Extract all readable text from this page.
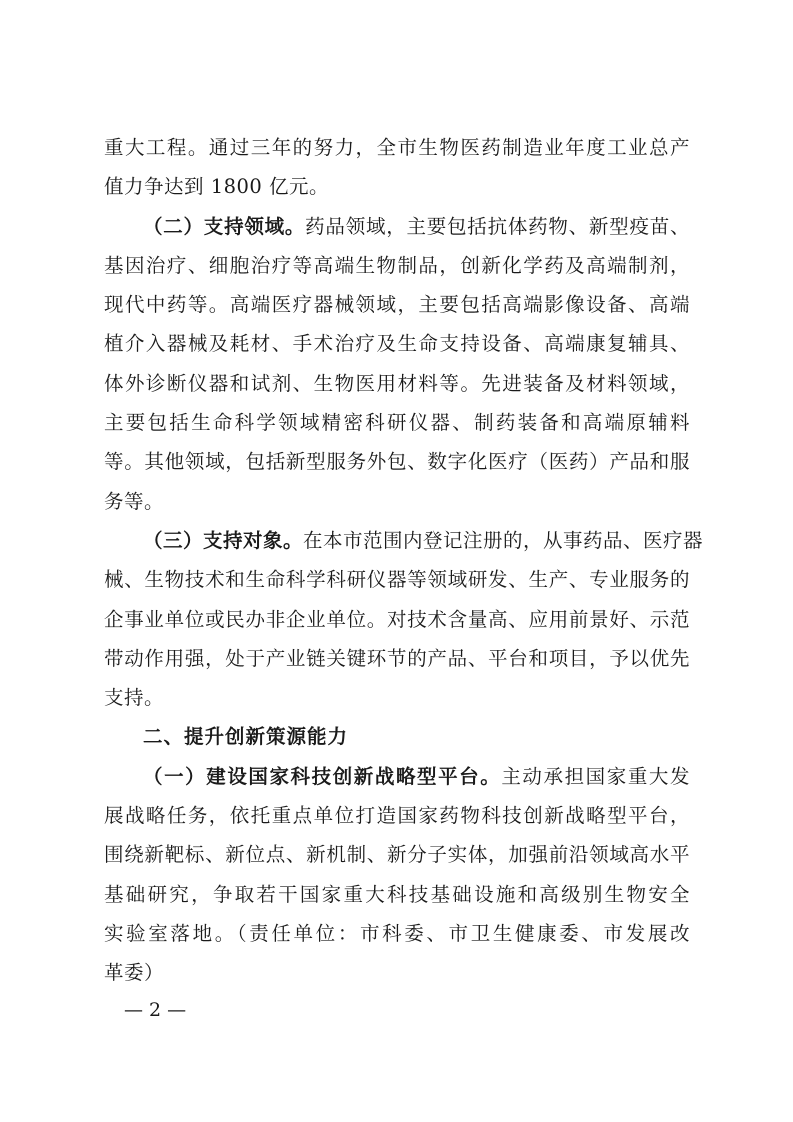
重大工程。通过三年的努力，全市生物医药制造业年度工业总产
值力争达到 1800 亿元。
（二）支持领域。药品领域，主要包括抗体药物、新型疫苗、
基因治疗、细胞治疗等高端生物制品，创新化学药及高端制剂，
现代中药等。高端医疗器械领域，主要包括高端影像设备、高端
植介入器械及耗材、手术治疗及生命支持设备、高端康复辅具、
体外诊断仪器和试剂、生物医用材料等。先进装备及材料领域，
主要包括生命科学领域精密科研仪器、制药装备和高端原辅料
等。其他领域，包括新型服务外包、数字化医疗（医药）产品和服
务等。
（三）支持对象。在本市范围内登记注册的，从事药品、医疗器
械、生物技术和生命科学科研仪器等领域研发、生产、专业服务的
企事业单位或民办非企业单位。对技术含量高、应用前景好、示范
带动作用强，处于产业链关键环节的产品、平台和项目，予以优先
支持。
二、提升创新策源能力
（一）建设国家科技创新战略型平台。主动承担国家重大发
展战略任务，依托重点单位打造国家药物科技创新战略型平台，
围绕新靶标、新位点、新机制、新分子实体，加强前沿领域高水平
基础研究，争取若干国家重大科技基础设施和高级别生物安全
实验室落地。（责任单位：市科委、市卫生健康委、市发展改
革委）
— 2 —
